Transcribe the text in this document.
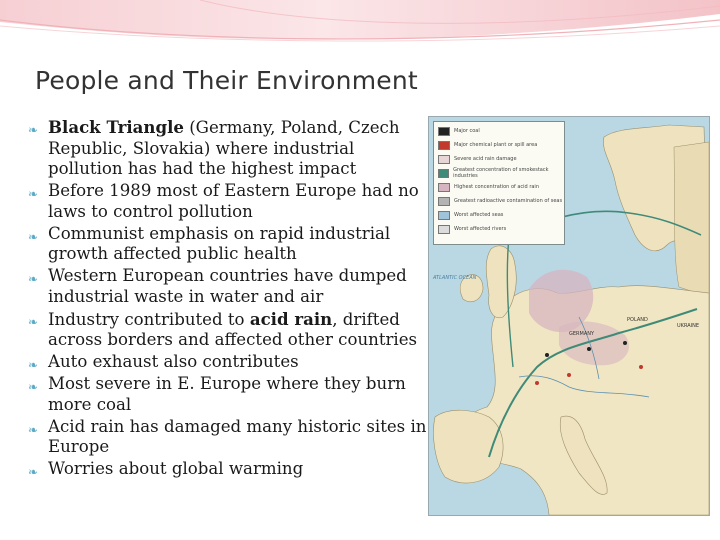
People and Their Environment
❧ Black Triangle (Germany, Poland, Czech Republic, Slovakia) where industrial pollution has had the highest impact
❧ Before 1989 most of Eastern Europe had no laws to control pollution
❧ Communist emphasis on rapid industrial growth affected public health
❧ Western European countries have dumped industrial waste in water and air
❧ Industry contributed to acid rain, drifted across borders and affected other countries
❧ Auto exhaust also contributes
❧ Most severe in E. Europe where they burn more coal
❧ Acid rain has damaged many historic sites in Europe
❧ Worries about global warming
Major coal
Major chemical plant or spill area
Severe acid rain damage
Greatest concentration of smokestack industries
Highest concentration of acid rain
Greatest radioactive contamination of seas
Worst affected seas
Worst affected rivers
ATLANTIC OCEAN
POLAND
UKRAINE
GERMANY
